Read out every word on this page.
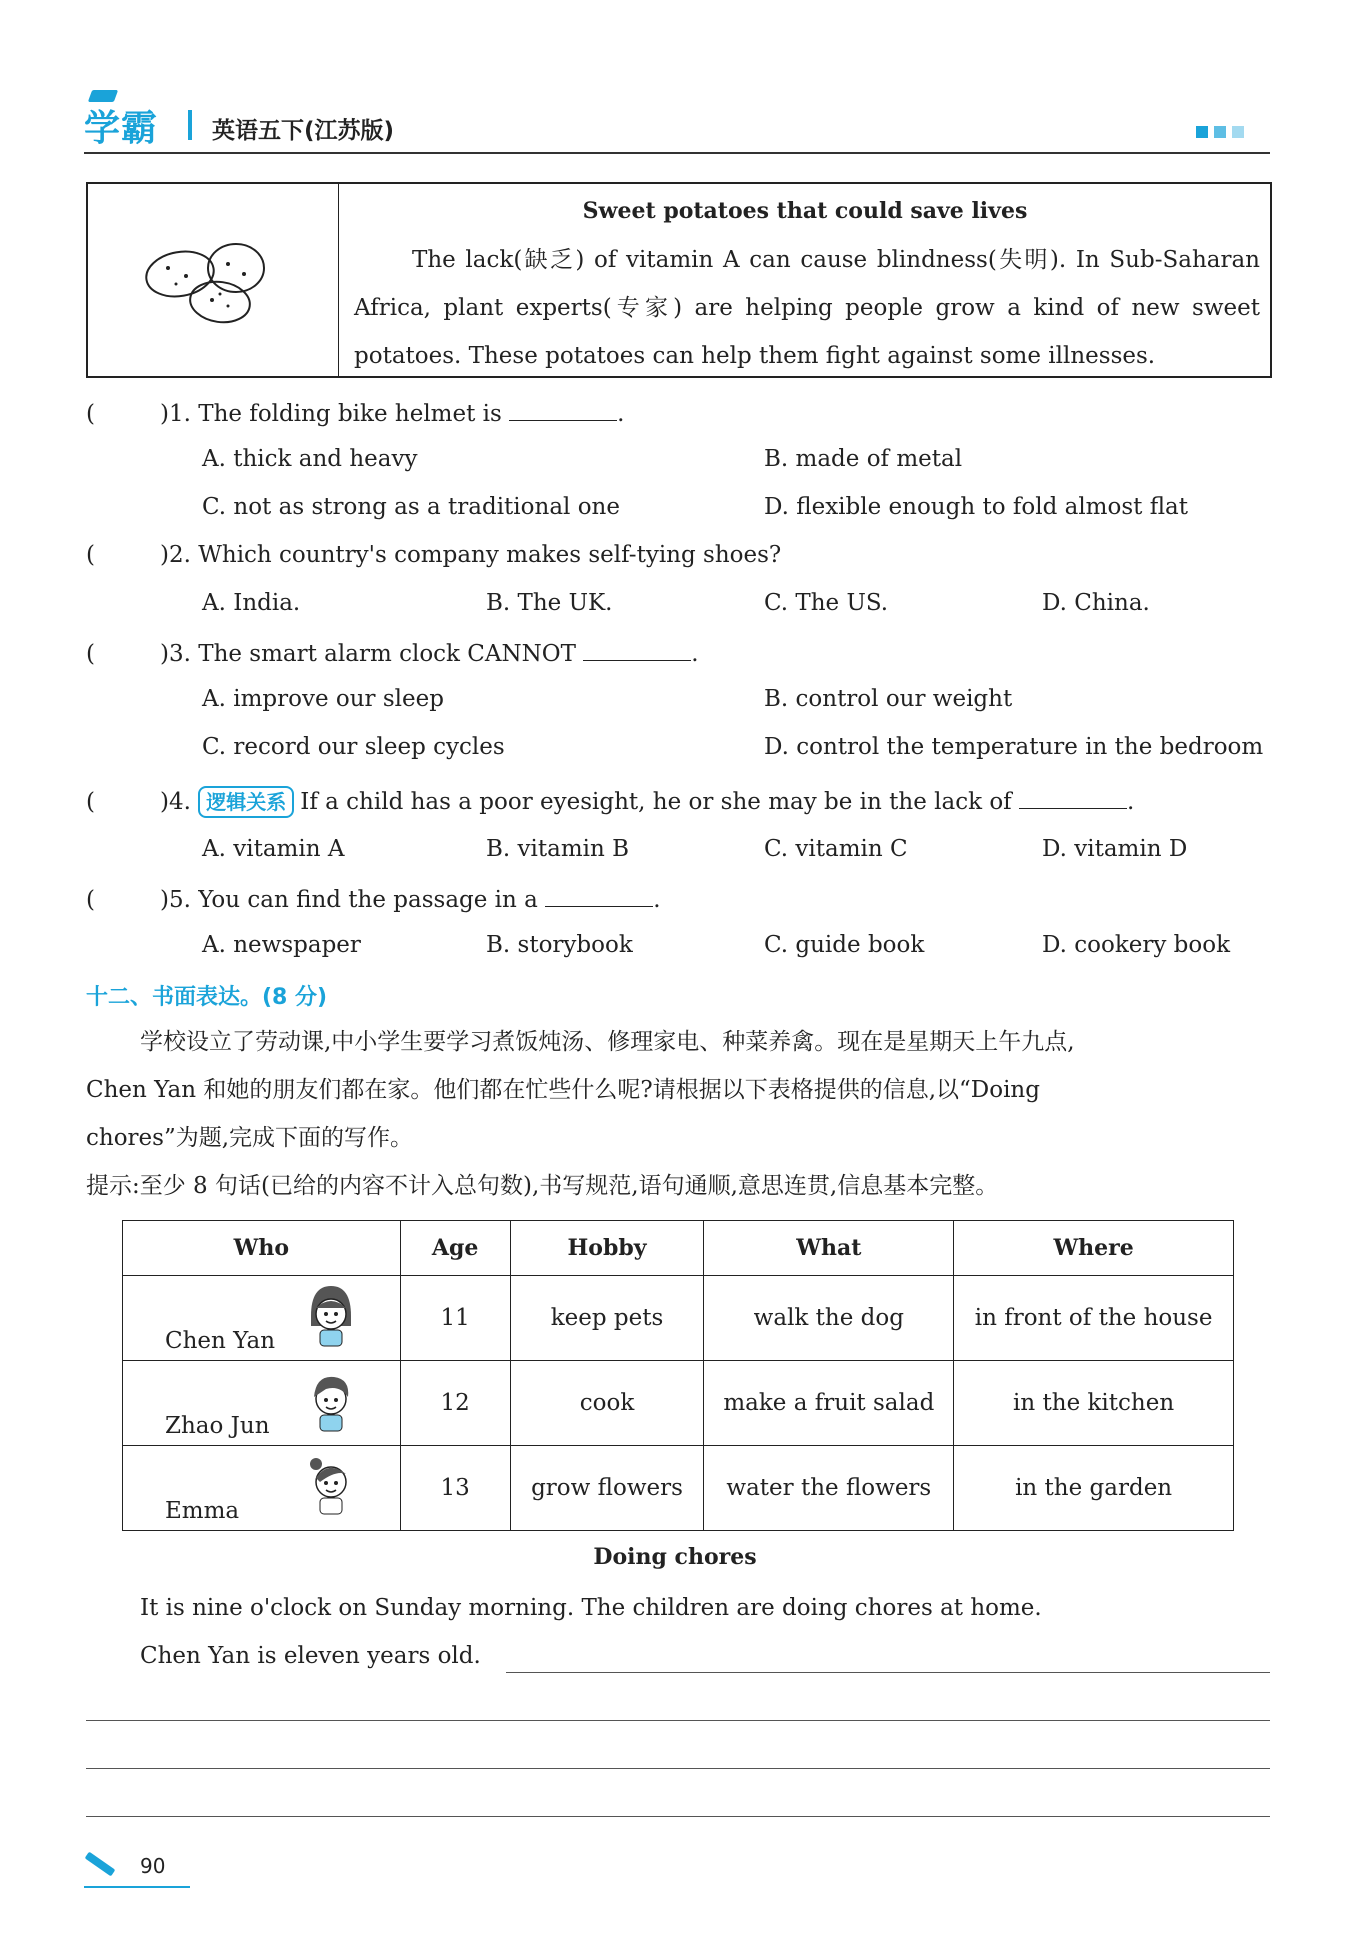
学霸 英语五下(江苏版)
Sweet potatoes that could save lives
The lack(缺乏) of vitamin A can cause blindness(失明). In Sub-Saharan Africa, plant experts(专家) are helping people grow a kind of new sweet potatoes. These potatoes can help them fight against some illnesses.
(	)1. The folding bike helmet is	.
A. thick and heavy	B. made of metal
C. not as strong as a traditional one	D. flexible enough to fold almost flat
(	)2. Which country's company makes self-tying shoes?
A. India.	B. The UK.	C. The US.	D. China.
(	)3. The smart alarm clock CANNOT	.
A. improve our sleep	B. control our weight
C. record our sleep cycles	D. control the temperature in the bedroom
(	)4. 逻辑关系 If a child has a poor eyesight, he or she may be in the lack of	.
A. vitamin A	B. vitamin B	C. vitamin C	D. vitamin D
(	)5. You can find the passage in a	.
A. newspaper	B. storybook	C. guide book	D. cookery book
十二、书面表达。(8 分)
学校设立了劳动课,中小学生要学习煮饭炖汤、修理家电、种菜养禽。现在是星期天上午九点,
Chen Yan 和她的朋友们都在家。他们都在忙些什么呢?请根据以下表格提供的信息,以“Doing
chores”为题,完成下面的写作。
提示:至少 8 句话(已给的内容不计入总句数),书写规范,语句通顺,意思连贯,信息基本完整。
Who	Age	Hobby	What	Where

Chen Yan	11	keep pets	walk the dog	in front of the house

Zhao Jun	12	cook	make a fruit salad	in the kitchen

Emma	13	grow flowers	water the flowers	in the garden
Doing chores
It is nine o'clock on Sunday morning. The children are doing chores at home.
Chen Yan is eleven years old.
90
